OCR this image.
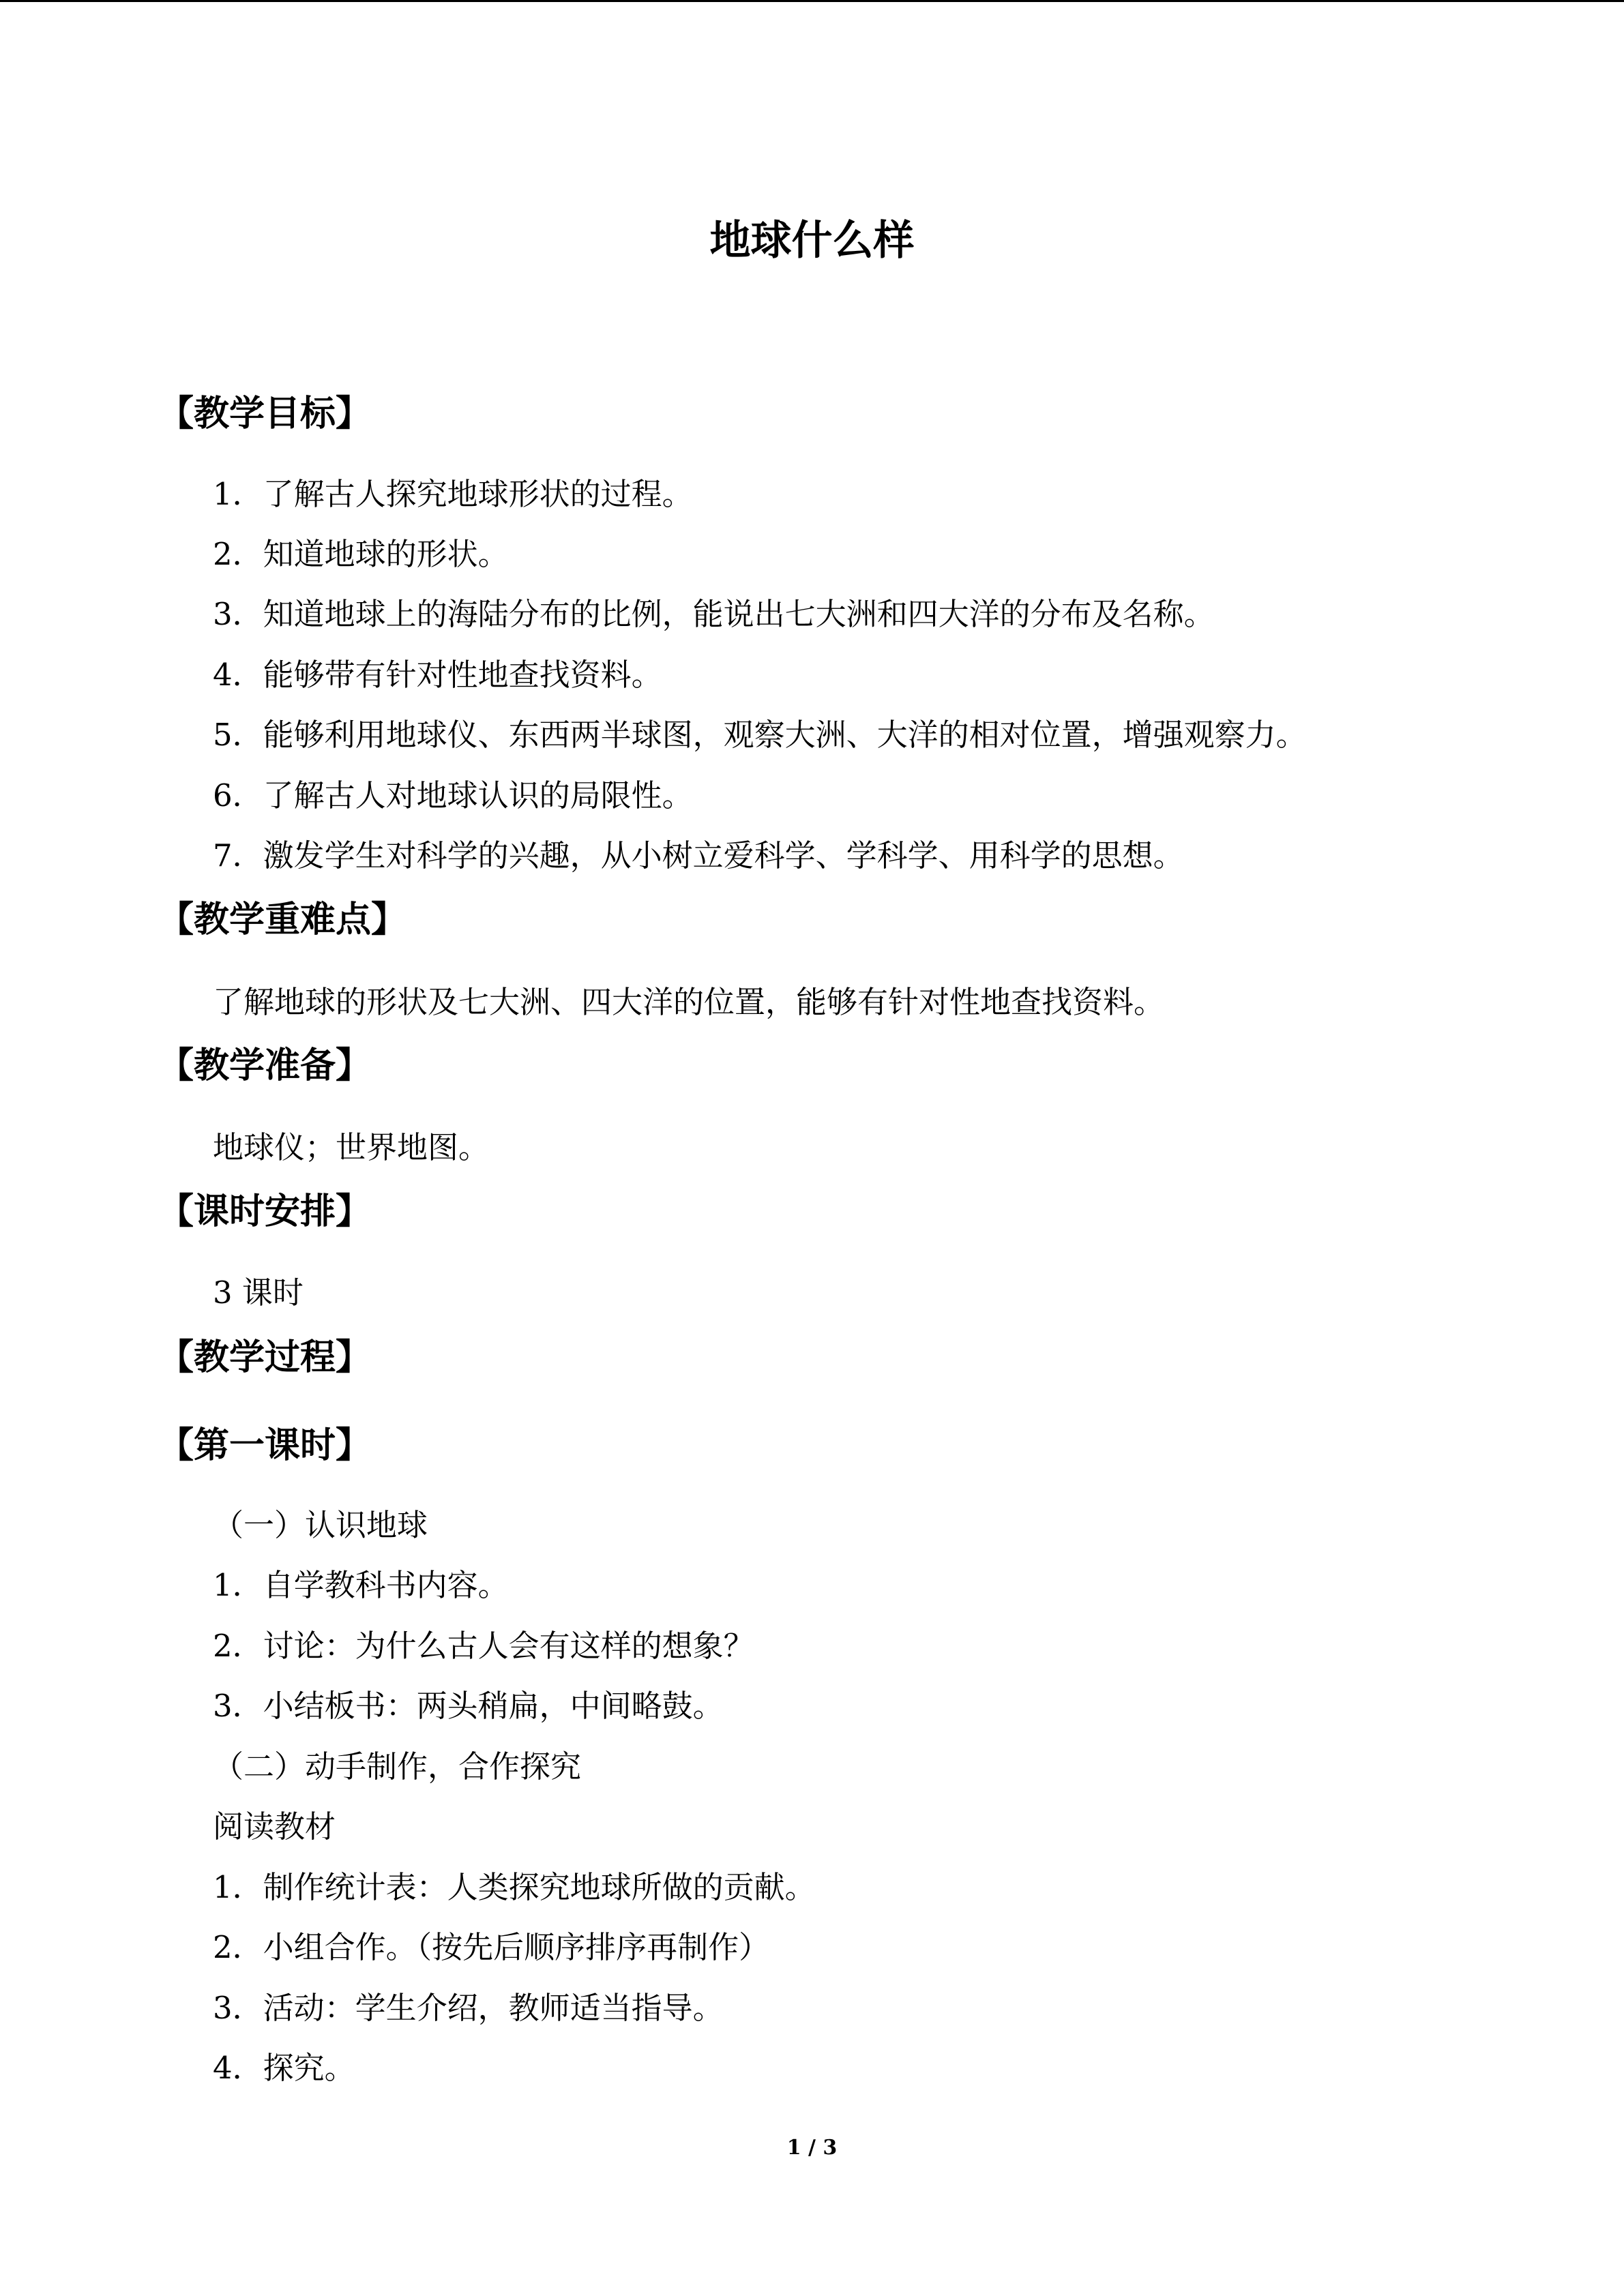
地球什么样
【教学目标】
1．了解古人探究地球形状的过程。
2．知道地球的形状。
3．知道地球上的海陆分布的比例，能说出七大洲和四大洋的分布及名称。
4．能够带有针对性地查找资料。
5．能够利用地球仪、东西两半球图，观察大洲、大洋的相对位置，增强观察力。
6．了解古人对地球认识的局限性。
7．激发学生对科学的兴趣，从小树立爱科学、学科学、用科学的思想。
【教学重难点】
了解地球的形状及七大洲、四大洋的位置，能够有针对性地查找资料。
【教学准备】
地球仪；世界地图。
【课时安排】
3 课时
【教学过程】
【第一课时】
（一）认识地球
1．自学教科书内容。
2．讨论：为什么古人会有这样的想象？
3．小结板书：两头稍扁，中间略鼓。
（二）动手制作，合作探究
阅读教材
1．制作统计表：人类探究地球所做的贡献。
2．小组合作。（按先后顺序排序再制作）
3．活动：学生介绍，教师适当指导。
4．探究。
1 / 3
